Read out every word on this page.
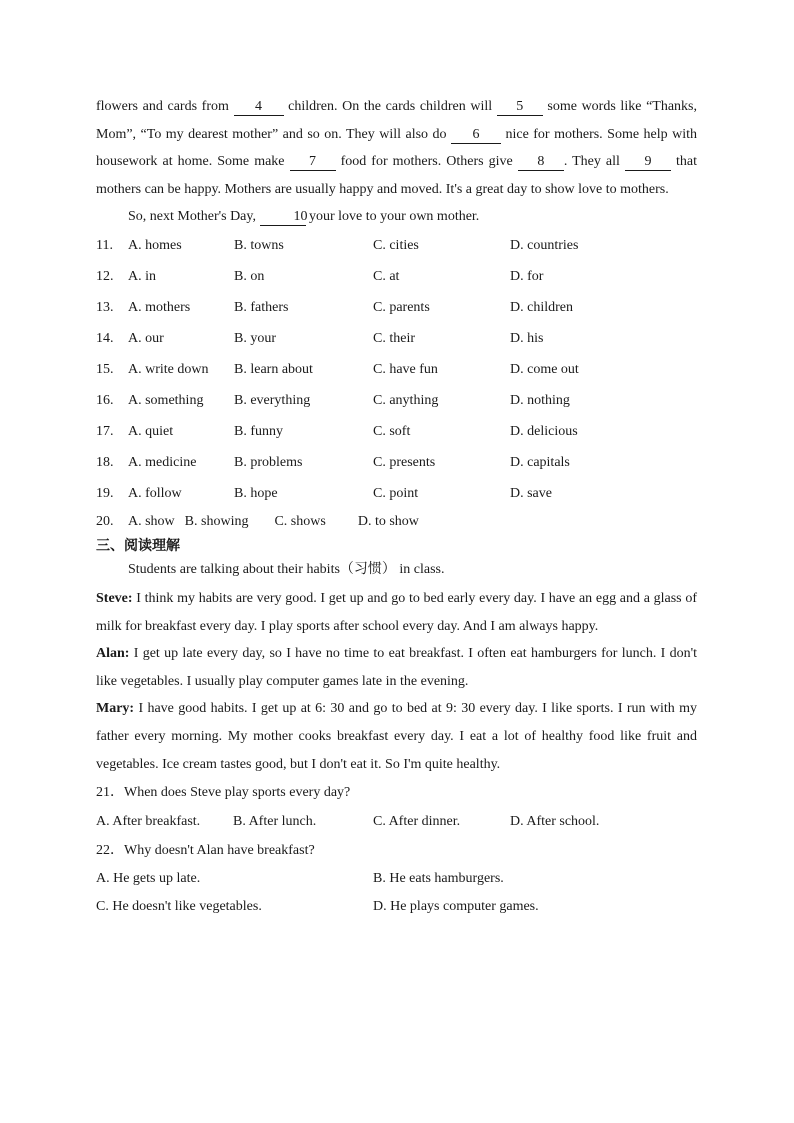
flowers and cards from 4 children. On the cards children will 5 some words like “Thanks, Mom”, “To my dearest mother” and so on. They will also do 6 nice for mothers. Some help with housework at home. Some make 7 food for mothers. Others give 8 . They all 9 that mothers can be happy. Mothers are usually happy and moved. It's a great day to show love to mothers.

So, next Mother's Day, 10 your love to your own mother.

11.	A. homes	B. towns	C. cities	D. countries
12.	A. in	B. on	C. at	D. for
13.	A. mothers	B. fathers	C. parents	D. children
14.	A. our	B. your	C. their	D. his
15.	A. write down	B. learn about	C. have fun	D. come out
16.	A. something	B. everything	C. anything	D. nothing
17.	A. quiet	B. funny	C. soft	D. delicious
18.	A. medicine	B. problems	C. presents	D. capitals
19.	A. follow	B. hope	C. point	D. save
20.	A. show B. showing C. shows D. to show
三、阅读理解

Students are talking about their habits（习惯） in class.

Steve: I think my habits are very good. I get up and go to bed early every day. I have an egg and a glass of milk for breakfast every day. I play sports after school every day. And I am always happy.

Alan: I get up late every day, so I have no time to eat breakfast. I often eat hamburgers for lunch. I don't like vegetables. I usually play computer games late in the evening.

Mary: I have good habits. I get up at 6: 30 and go to bed at 9: 30 every day. I like sports. I run with my father every morning. My mother cooks breakfast every day. I eat a lot of healthy food like fruit and vegetables. Ice cream tastes good, but I don't eat it. So I'm quite healthy.

21．When does Steve play sports every day?
A. After breakfast.	B. After lunch.	C. After dinner.	D. After school.
22．Why doesn't Alan have breakfast?
A. He gets up late.	B. He eats hamburgers.
C. He doesn't like vegetables.	D. He plays computer games.
